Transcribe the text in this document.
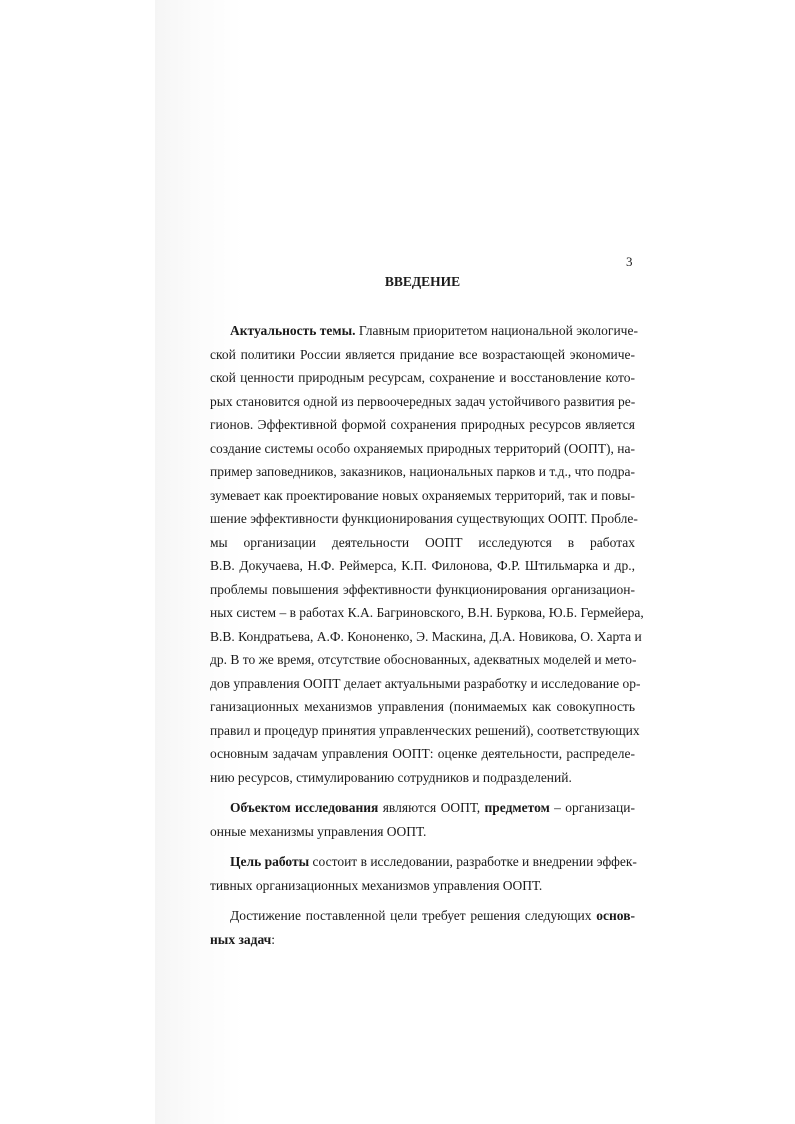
3
ВВЕДЕНИЕ
Актуальность темы. Главным приоритетом национальной экологиче-
ской политики России является придание все возрастающей экономиче-
ской ценности природным ресурсам, сохранение и восстановление кото-
рых становится одной из первоочередных задач устойчивого развития ре-
гионов. Эффективной формой сохранения природных ресурсов является
создание системы особо охраняемых природных территорий (ООПТ), на-
пример заповедников, заказников, национальных парков и т.д., что подра-
зумевает как проектирование новых охраняемых территорий, так и повы-
шение эффективности функционирования существующих ООПТ. Пробле-
мы организации деятельности ООПТ исследуются в работах
В.В. Докучаева, Н.Ф. Реймерса, К.П. Филонова, Ф.Р. Штильмарка и др.,
проблемы повышения эффективности функционирования организацион-
ных систем – в работах К.А. Багриновского, В.Н. Буркова, Ю.Б. Гермейера,
В.В. Кондратьева, А.Ф. Кононенко, Э. Маскина, Д.А. Новикова, О. Харта и
др. В то же время, отсутствие обоснованных, адекватных моделей и мето-
дов управления ООПТ делает актуальными разработку и исследование ор-
ганизационных механизмов управления (понимаемых как совокупность
правил и процедур принятия управленческих решений), соответствующих
основным задачам управления ООПТ: оценке деятельности, распределе-
нию ресурсов, стимулированию сотрудников и подразделений.
Объектом исследования являются ООПТ, предметом – организаци-
онные механизмы управления ООПТ.
Цель работы состоит в исследовании, разработке и внедрении эффек-
тивных организационных механизмов управления ООПТ.
Достижение поставленной цели требует решения следующих основ-
ных задач:
